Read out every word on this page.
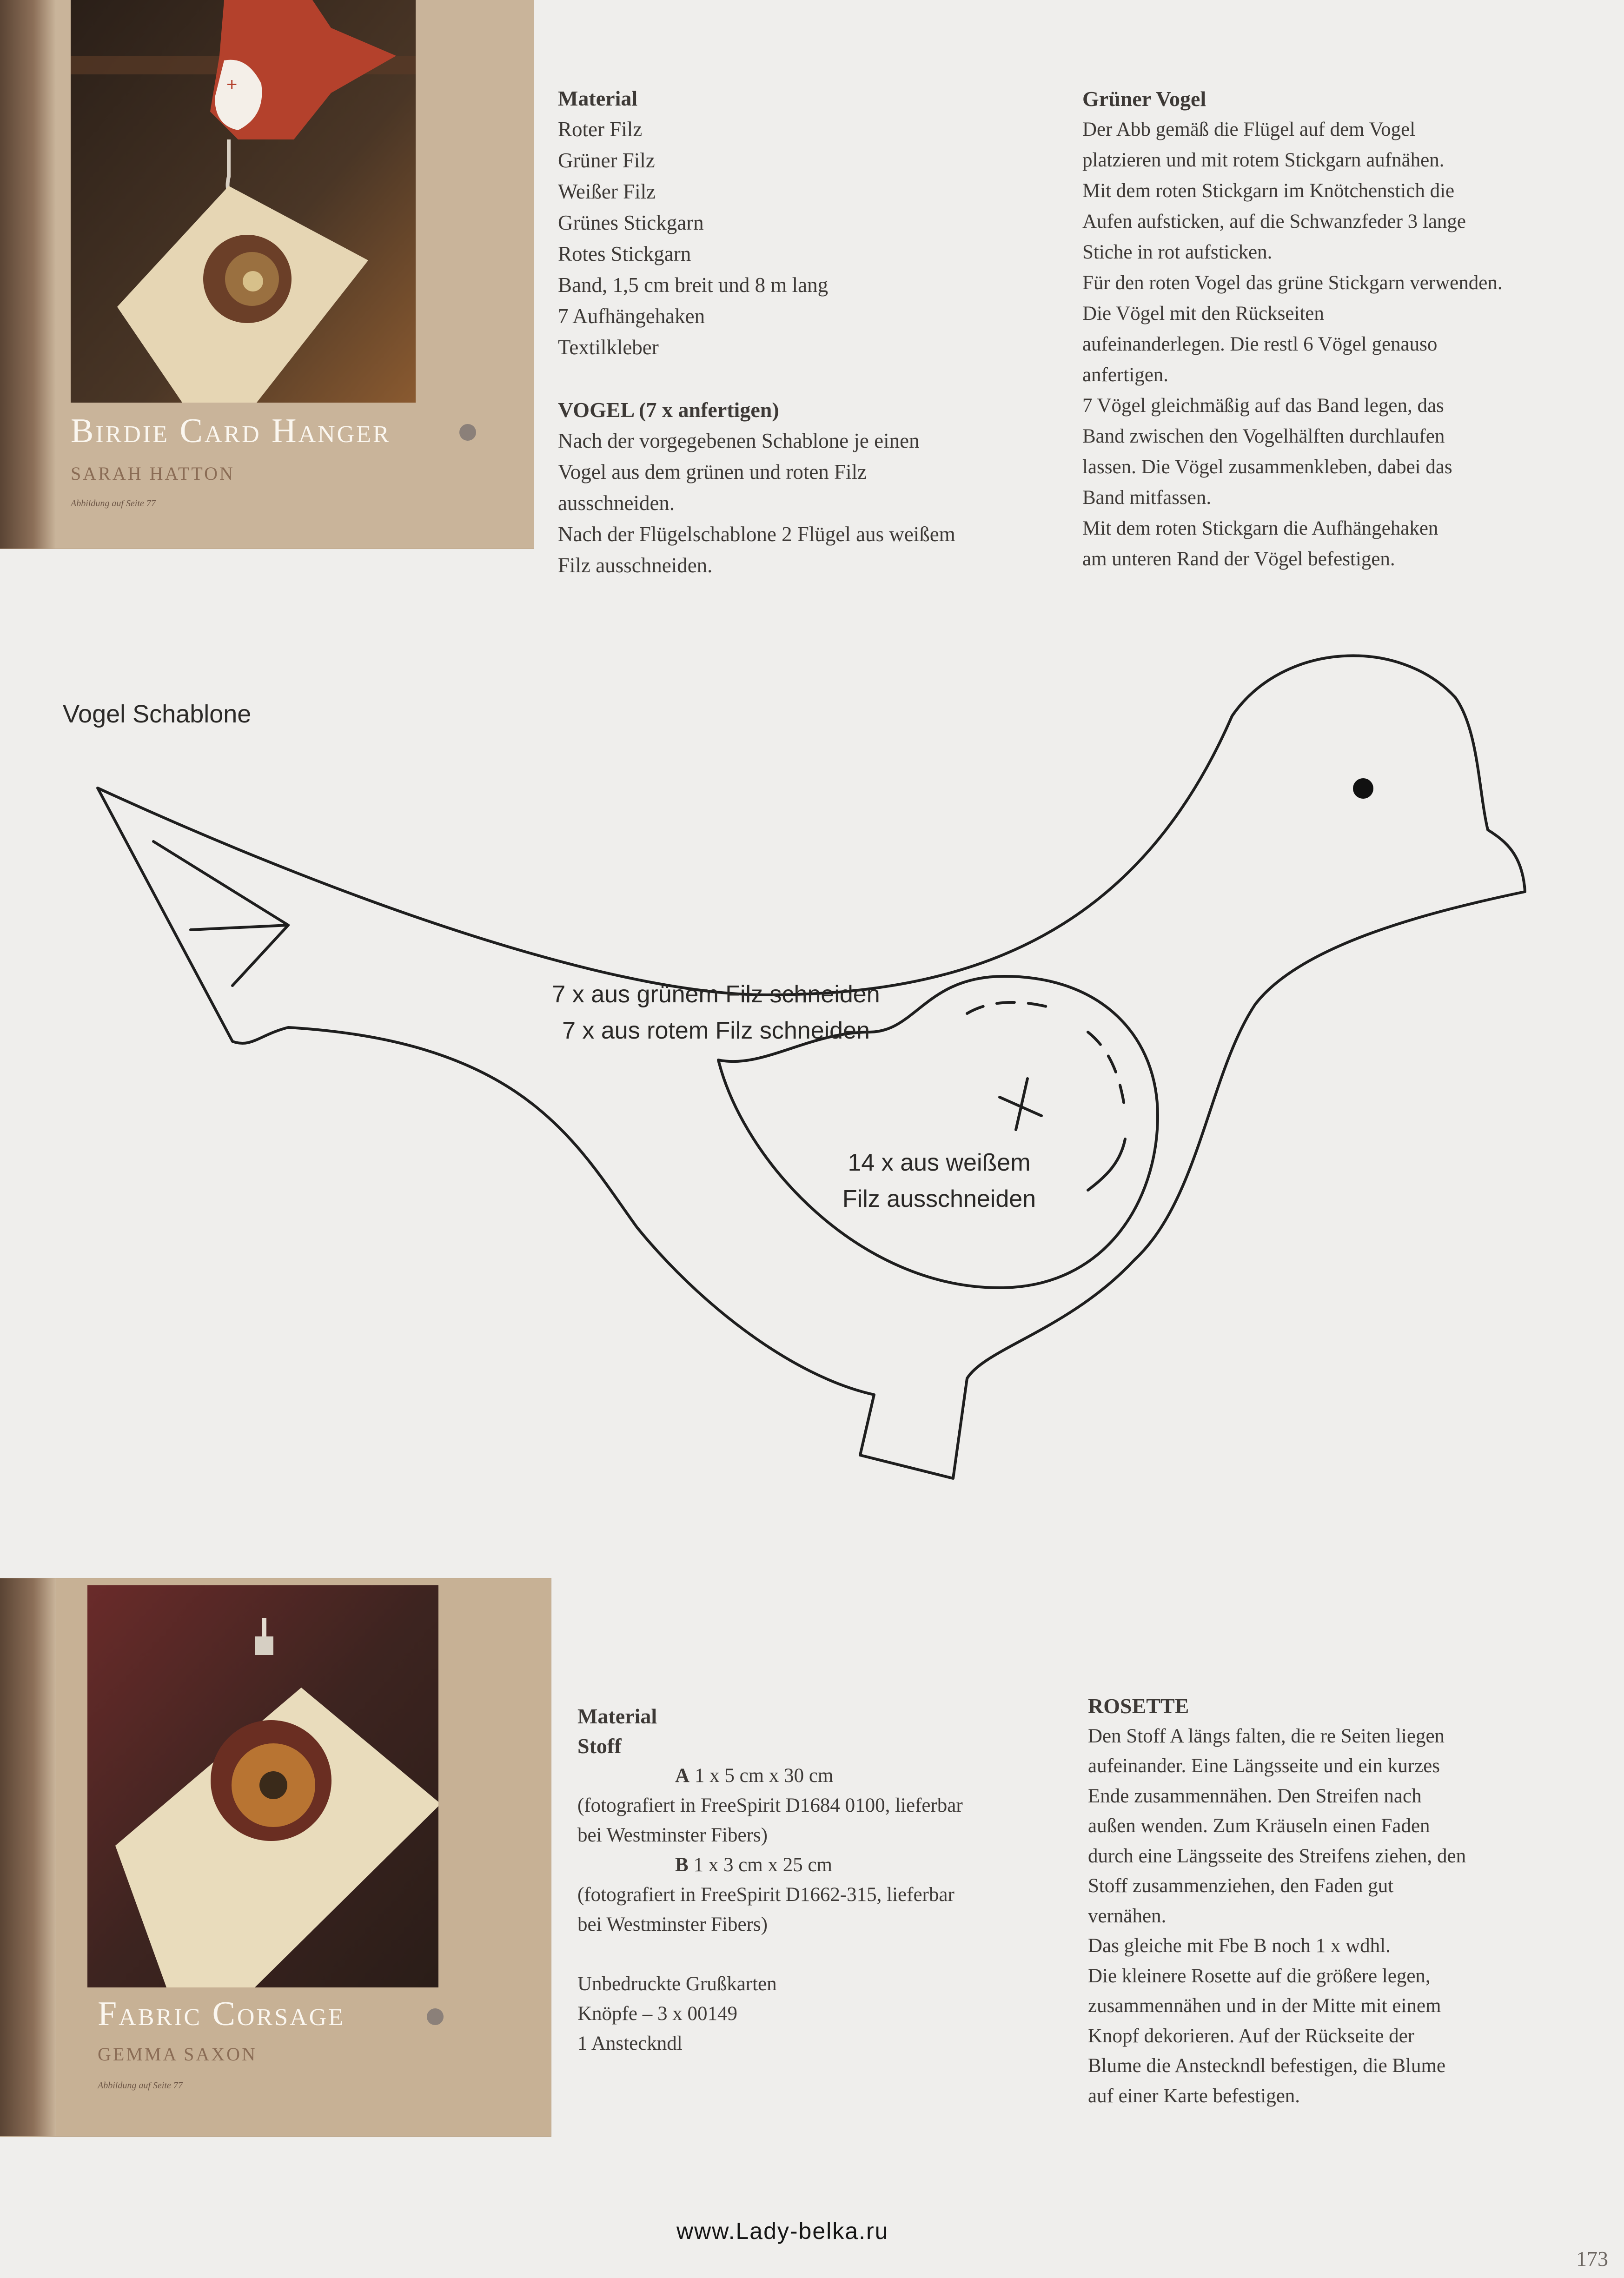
+
Birdie Card Hanger
SARAH HATTON
Abbildung auf Seite 77

Material

Roter Filz

Grüner Filz

Weißer Filz

Grünes Stickgarn

Rotes Stickgarn

Band, 1,5 cm breit und 8 m lang

7 Aufhängehaken

Textilkleber

VOGEL (7 x anfertigen)

Nach der vorgegebenen Schablone je einen

Vogel aus dem grünen und roten Filz

ausschneiden.

Nach der Flügelschablone 2 Flügel aus weißem

Filz ausschneiden.

Grüner Vogel

Der Abb gemäß die Flügel auf dem Vogel

platzieren und mit rotem Stickgarn aufnähen.

Mit dem roten Stickgarn im Knötchenstich die

Aufen aufsticken, auf die Schwanzfeder 3 lange

Stiche in rot aufsticken.

Für den roten Vogel das grüne Stickgarn verwenden.

Die Vögel mit den Rückseiten

aufeinanderlegen. Die restl 6 Vögel genauso

anfertigen.

7 Vögel gleichmäßig auf das Band legen, das

Band zwischen den Vogelhälften durchlaufen

lassen. Die Vögel zusammenkleben, dabei das

Band mitfassen.

Mit dem roten Stickgarn die Aufhängehaken

am unteren Rand der Vögel befestigen.

Vogel Schablone
7 x aus grünem Filz schneiden
7 x aus rotem Filz schneiden
14 x aus weißem
Filz ausschneiden
Fabric Corsage
GEMMA SAXON
Abbildung auf Seite 77

Material

Stoff

A 1 x 5 cm x 30 cm

(fotografiert in FreeSpirit D1684 0100, lieferbar

bei Westminster Fibers)

B 1 x 3 cm x 25 cm

(fotografiert in FreeSpirit D1662-315, lieferbar

bei Westminster Fibers)

Unbedruckte Grußkarten

Knöpfe – 3 x 00149

1 Ansteckndl

ROSETTE

Den Stoff A längs falten, die re Seiten liegen

aufeinander. Eine Längsseite und ein kurzes

Ende zusammennähen. Den Streifen nach

außen wenden. Zum Kräuseln einen Faden

durch eine Längsseite des Streifens ziehen, den

Stoff zusammenziehen, den Faden gut

vernähen.

Das gleiche mit Fbe B noch 1 x wdhl.

Die kleinere Rosette auf die größere legen,

zusammennähen und in der Mitte mit einem

Knopf dekorieren. Auf der Rückseite der

Blume die Ansteckndl befestigen, die Blume

auf einer Karte befestigen.

www.Lady-belka.ru
173
